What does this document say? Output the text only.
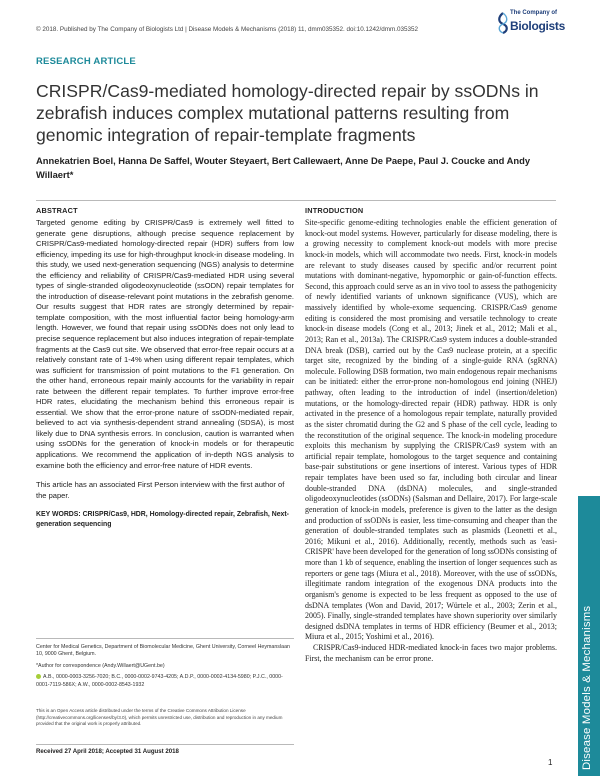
© 2018. Published by The Company of Biologists Ltd | Disease Models & Mechanisms (2018) 11, dmm035352. doi:10.1242/dmm.035352
The Company of
Biologists
RESEARCH ARTICLE
CRISPR/Cas9-mediated homology-directed repair by ssODNs in zebrafish induces complex mutational patterns resulting from genomic integration of repair-template fragments
Annekatrien Boel, Hanna De Saffel, Wouter Steyaert, Bert Callewaert, Anne De Paepe, Paul J. Coucke and Andy Willaert*
ABSTRACT
Targeted genome editing by CRISPR/Cas9 is extremely well fitted to generate gene disruptions, although precise sequence replacement by CRISPR/Cas9-mediated homology-directed repair (HDR) suffers from low efficiency, impeding its use for high-throughput knock-in disease modeling. In this study, we used next-generation sequencing (NGS) analysis to determine the efficiency and reliability of CRISPR/Cas9-mediated HDR using several types of single-stranded oligodeoxynucleotide (ssODN) repair templates for the introduction of disease-relevant point mutations in the zebrafish genome. Our results suggest that HDR rates are strongly determined by repair-template composition, with the most influential factor being homology-arm length. However, we found that repair using ssODNs does not only lead to precise sequence replacement but also induces integration of repair-template fragments at the Cas9 cut site. We observed that error-free repair occurs at a relatively constant rate of 1-4% when using different repair templates, which was sufficient for transmission of point mutations to the F1 generation. On the other hand, erroneous repair mainly accounts for the variability in repair rate between the different repair templates. To further improve error-free HDR rates, elucidating the mechanism behind this erroneous repair is essential. We show that the error-prone nature of ssODN-mediated repair, believed to act via synthesis-dependent strand annealing (SDSA), is most likely due to DNA synthesis errors. In conclusion, caution is warranted when using ssODNs for the generation of knock-in models or for therapeutic applications. We recommend the application of in-depth NGS analysis to examine both the efficiency and error-free nature of HDR events.
This article has an associated First Person interview with the first author of the paper.
KEY WORDS: CRISPR/Cas9, HDR, Homology-directed repair, Zebrafish, Next-generation sequencing

Center for Medical Genetics, Department of Biomolecular Medicine, Ghent University, Corneel Heymanslaan 10, 9000 Ghent, Belgium.

*Author for correspondence (Andy.Willaert@UGent.be)

A.B., 0000-0003-3256-7020; B.C., 0000-0002-9743-4205; A.D.P., 0000-0002-4134-5980; P.J.C., 0000-0001-7119-586X; A.W., 0000-0002-8543-1932

This is an Open Access article distributed under the terms of the Creative Commons Attribution License (http://creativecommons.org/licenses/by/3.0), which permits unrestricted use, distribution and reproduction in any medium provided that the original work is properly attributed.
Received 27 April 2018; Accepted 31 August 2018
INTRODUCTION

Site-specific genome-editing technologies enable the efficient generation of knock-out model systems. However, particularly for disease modeling, there is a growing necessity to complement knock-out models with more precise knock-in models, which will accommodate two needs. First, knock-in models are relevant to study diseases caused by specific and/or recurrent point mutations with dominant-negative, hypomorphic or gain-of-function effects. Second, this approach could serve as an in vivo tool to assess the pathogenicity of newly identified variants of unknown significance (VUS), which are massively identified by whole-exome sequencing. CRISPR/Cas9 genome editing is considered the most promising and versatile technology to create knock-in disease models (Cong et al., 2013; Jinek et al., 2012; Mali et al., 2013; Ran et al., 2013a). The CRISPR/Cas9 system induces a double-stranded DNA break (DSB), carried out by the Cas9 nuclease protein, at a specific target site, recognized by the binding of a single-guide RNA (sgRNA) molecule. Following DSB formation, two main endogenous repair mechanisms can be initiated: either the error-prone non-homologous end joining (NHEJ) pathway, often leading to the introduction of indel (insertion/deletion) mutations, or the homology-directed repair (HDR) pathway. HDR is only activated in the presence of a homologous repair template, naturally provided as the sister chromatid during the G2 and S phase of the cell cycle, leading to the reconstitution of the original sequence. The knock-in modeling procedure exploits this mechanism by supplying the CRISPR/Cas9 system with an artificial repair template, homologous to the target sequence and containing base-pair substitutions or gene insertions of interest. Various types of HDR repair templates have been used so far, including both circular and linear double-stranded DNA (dsDNA) molecules, and single-stranded oligodeoxynucleotides (ssODNs) (Salsman and Dellaire, 2017). For large-scale generation of knock-in models, preference is given to the latter as the design and production of ssODNs is easier, less time-consuming and cheaper than the generation of double-stranded templates such as plasmids (Leonetti et al., 2016; Mikuni et al., 2016). Additionally, recently, methods such as 'easi-CRISPR' have been developed for the generation of long ssODNs consisting of more than 1 kb of sequence, enabling the insertion of longer sequences such as reporters or gene tags (Miura et al., 2018). Moreover, with the use of ssODNs, illegitimate random integration of the exogenous DNA products into the organism's genome is expected to be less frequent as opposed to the use of dsDNA templates (Won and David, 2017; Würtele et al., 2003; Zerin et al., 2005). Finally, single-stranded templates have shown superiority over similarly designed dsDNA templates in terms of HDR efficiency (Beumer et al., 2013; Miura et al., 2015; Yoshimi et al., 2016).

CRISPR/Cas9-induced HDR-mediated knock-in faces two major problems. First, the mechanism can be error prone.	Disease Models & Mechanisms
1
